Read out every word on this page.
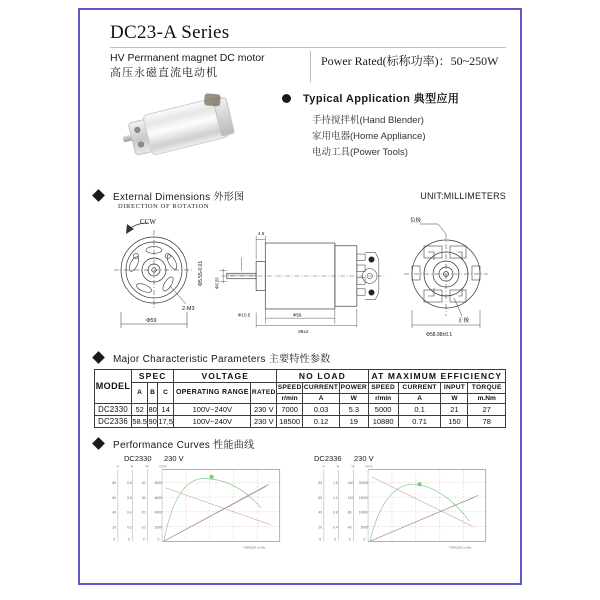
DC23-A Series
HV Permanent magnet DC motor
高压永磁直流电动机
Power Rated(标称功率)：50~250W
Typical Application 典型应用
手持搅拌机(Hand Blender)
家用电器(Home Appliance)
电动工具(Power Tools)
External Dimensions 外形图	UNIT:MILLIMETERS
DIRECTION OF ROTATION
CCW
2-M3
Φ59
Φ5.55-0.01
4.5
Φ10.5	Φ59
89±2
Φ5.55
负极
正极
Φ58.98±0.1
Major Characteristic Parameters 主要特性参数
MODEL	SPEC			VOLTAGE		NO LOAD			AT MAXIMUM EFFICIENCY			
	A	B	C	OPERATING RANGE	RATED	SPEED	CURRENT	POWER	SPEED	CURRENT	INPUT	TORQUE
						r/min	A	W	r/min	A	W	m.Nm
DC2330	52	80	14	100V~240V	230 V	7000	0.03	5.3	5000	0.1	21	27
DC2336	58.5	90	17,5	100V~240V	230 V	18500	0.12	19	10880	0.71	150	78
Performance Curves 性能曲线
DC2330	230 V	DC2336	230 V
%	A	W	r/min
80
60
40
20
0
0.8
0.6
0.4
0.2
0
40
30
20
10
0
8000
6000
4000
2000
0
TORQUE m.Nm
%	A	W	r/min
80
60
40
20
0
1.6
1.2
0.8
0.4
0
160
120
80
40
0
20000
15000
10000
5000
0
TORQUE m.Nm
